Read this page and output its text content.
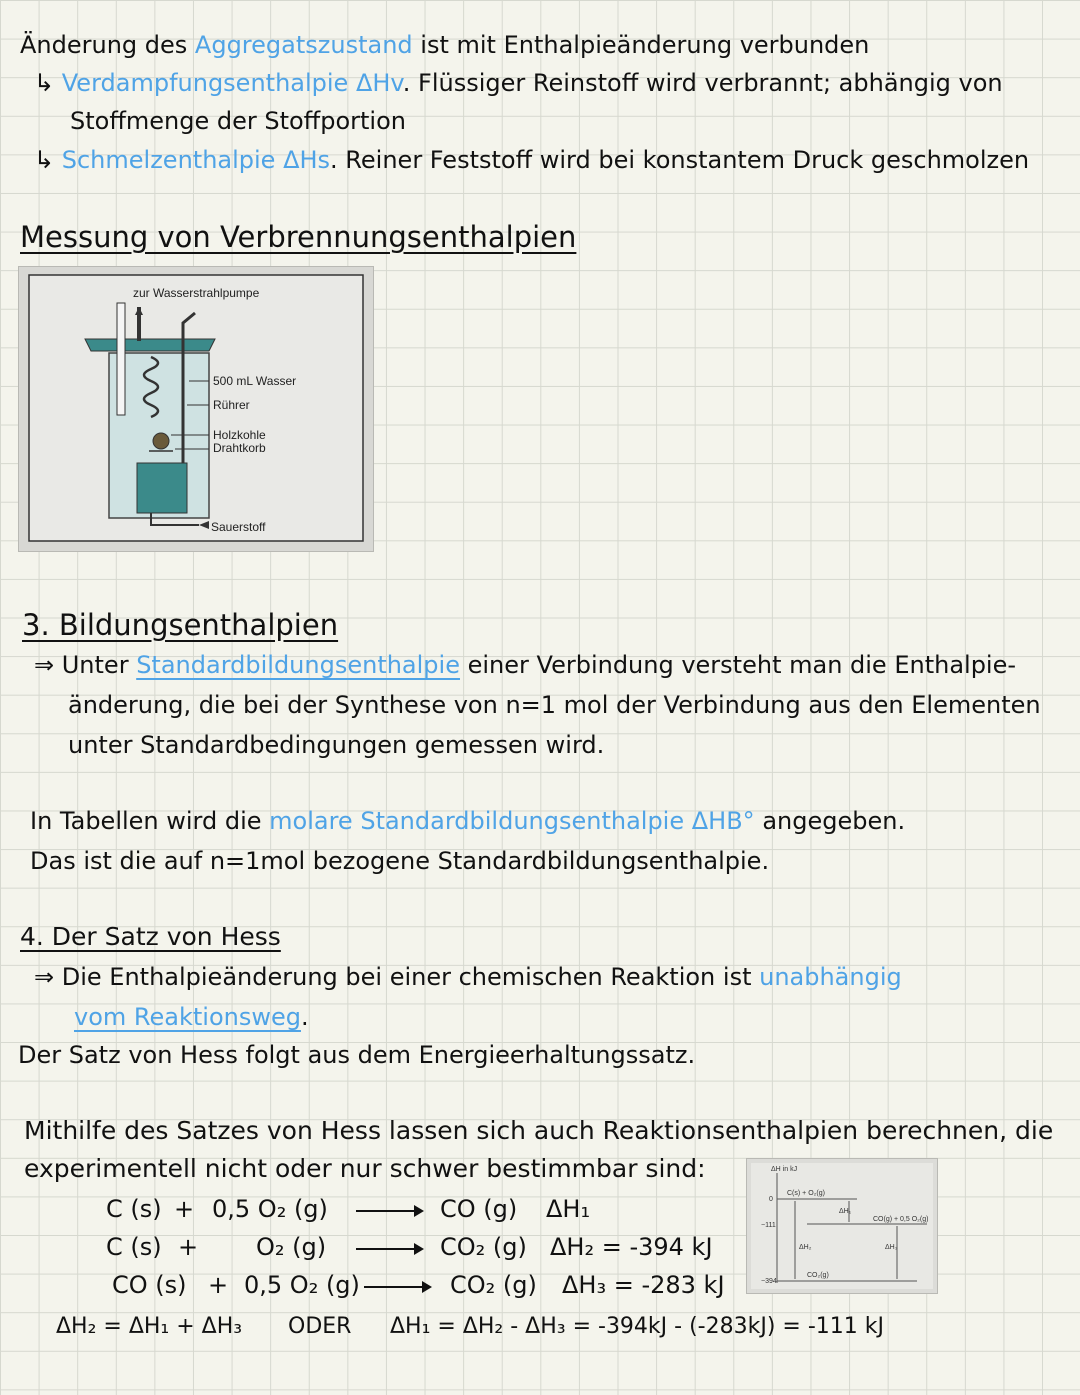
Änderung des Aggregatszustand ist mit Enthalpieänderung verbunden
↳ Verdampfungsenthalpie ΔHv. Flüssiger Reinstoff wird verbrannt; abhängig von
Stoffmenge der Stoffportion
↳ Schmelzenthalpie ΔHs. Reiner Feststoff wird bei konstantem Druck geschmolzen
Messung von Verbrennungsenthalpien
zur Wasserstrahlpumpe
500 mL Wasser
Rührer
Holzkohle
Drahtkorb
Sauerstoff
3. Bildungsenthalpien
⇒ Unter Standardbildungsenthalpie einer Verbindung versteht man die Enthalpie-
änderung, die bei der Synthese von n=1 mol der Verbindung aus den Elementen
unter Standardbedingungen gemessen wird.
In Tabellen wird die molare Standardbildungsenthalpie ΔHB° angegeben.
Das ist die auf n=1mol bezogene Standardbildungsenthalpie.
4. Der Satz von Hess
⇒ Die Enthalpieänderung bei einer chemischen Reaktion ist unabhängig
vom Reaktionsweg.
Der Satz von Hess folgt aus dem Energieerhaltungssatz.
Mithilfe des Satzes von Hess lassen sich auch Reaktionsenthalpien berechnen, die
experimentell nicht oder nur schwer bestimmbar sind:
C (s) + 0,5 O₂ (g)	CO (g) ΔH₁
C (s) + O₂ (g)	CO₂ (g) ΔH₂ = -394 kJ
CO (s) + 0,5 O₂ (g)	CO₂ (g) ΔH₃ = -283 kJ
ΔH₂ = ΔH₁ + ΔH₃ ODER ΔH₁ = ΔH₂ - ΔH₃ = -394kJ - (-283kJ) = -111 kJ
ΔH in kJ
0
−111
−394
C(s) + O₂(g)
CO(g) + 0,5 O₂(g)
CO₂(g)
ΔH₁
ΔH₂	ΔH₃
